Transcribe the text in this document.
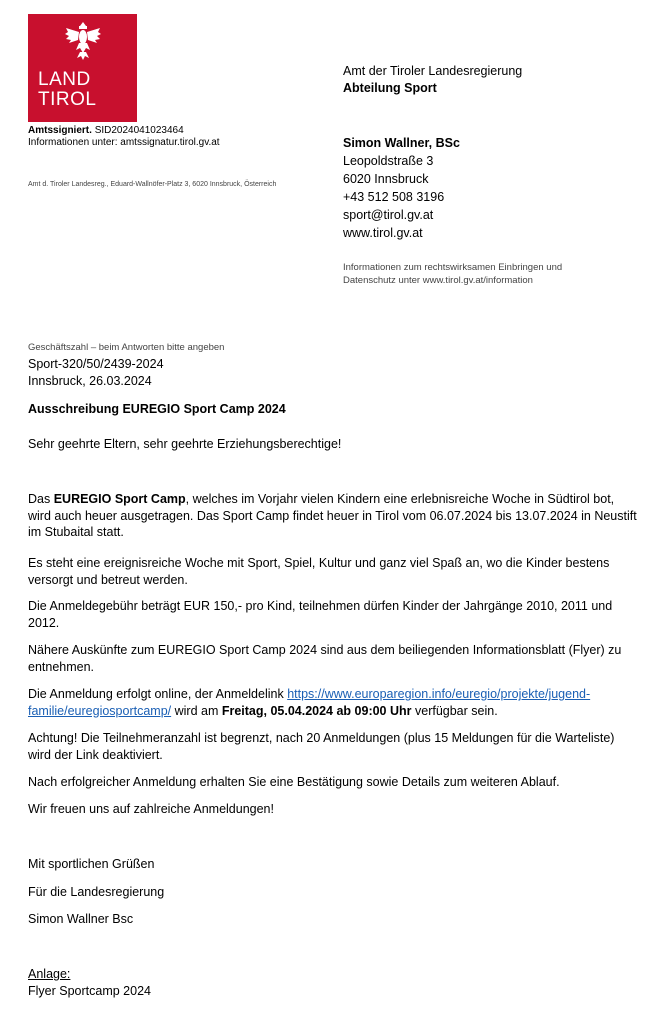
LAND
TIROL
Amtssigniert. SID2024041023464
Informationen unter: amtssignatur.tirol.gv.at
Amt d. Tiroler Landesreg., Eduard-Wallnöfer-Platz 3, 6020 Innsbruck, Österreich
Amt der Tiroler Landesregierung
Abteilung Sport
Simon Wallner, BSc
Leopoldstraße 3
6020 Innsbruck
+43 512 508 3196
sport@tirol.gv.at
www.tirol.gv.at
Informationen zum rechtswirksamen Einbringen und
Datenschutz unter www.tirol.gv.at/information
Geschäftszahl – beim Antworten bitte angeben
Sport-320/50/2439-2024
Innsbruck, 26.03.2024
Ausschreibung EUREGIO Sport Camp 2024
Sehr geehrte Eltern, sehr geehrte Erziehungsberechtige!
Das EUREGIO Sport Camp, welches im Vorjahr vielen Kindern eine erlebnisreiche Woche in Südtirol bot, wird auch heuer ausgetragen. Das Sport Camp findet heuer in Tirol vom 06.07.2024 bis 13.07.2024 in Neustift im Stubaital statt.
Es steht eine ereignisreiche Woche mit Sport, Spiel, Kultur und ganz viel Spaß an, wo die Kinder bestens versorgt und betreut werden.
Die Anmeldegebühr beträgt EUR 150,- pro Kind, teilnehmen dürfen Kinder der Jahrgänge 2010, 2011 und 2012.
Nähere Auskünfte zum EUREGIO Sport Camp 2024 sind aus dem beiliegenden Informationsblatt (Flyer) zu entnehmen.
Die Anmeldung erfolgt online, der Anmeldelink https://www.europaregion.info/euregio/projekte/jugend-familie/euregiosportcamp/ wird am Freitag, 05.04.2024 ab 09:00 Uhr verfügbar sein.
Achtung! Die Teilnehmeranzahl ist begrenzt, nach 20 Anmeldungen (plus 15 Meldungen für die Warteliste) wird der Link deaktiviert.
Nach erfolgreicher Anmeldung erhalten Sie eine Bestätigung sowie Details zum weiteren Ablauf.
Wir freuen uns auf zahlreiche Anmeldungen!
Mit sportlichen Grüßen
Für die Landesregierung
Simon Wallner Bsc
Anlage:
Flyer Sportcamp 2024
